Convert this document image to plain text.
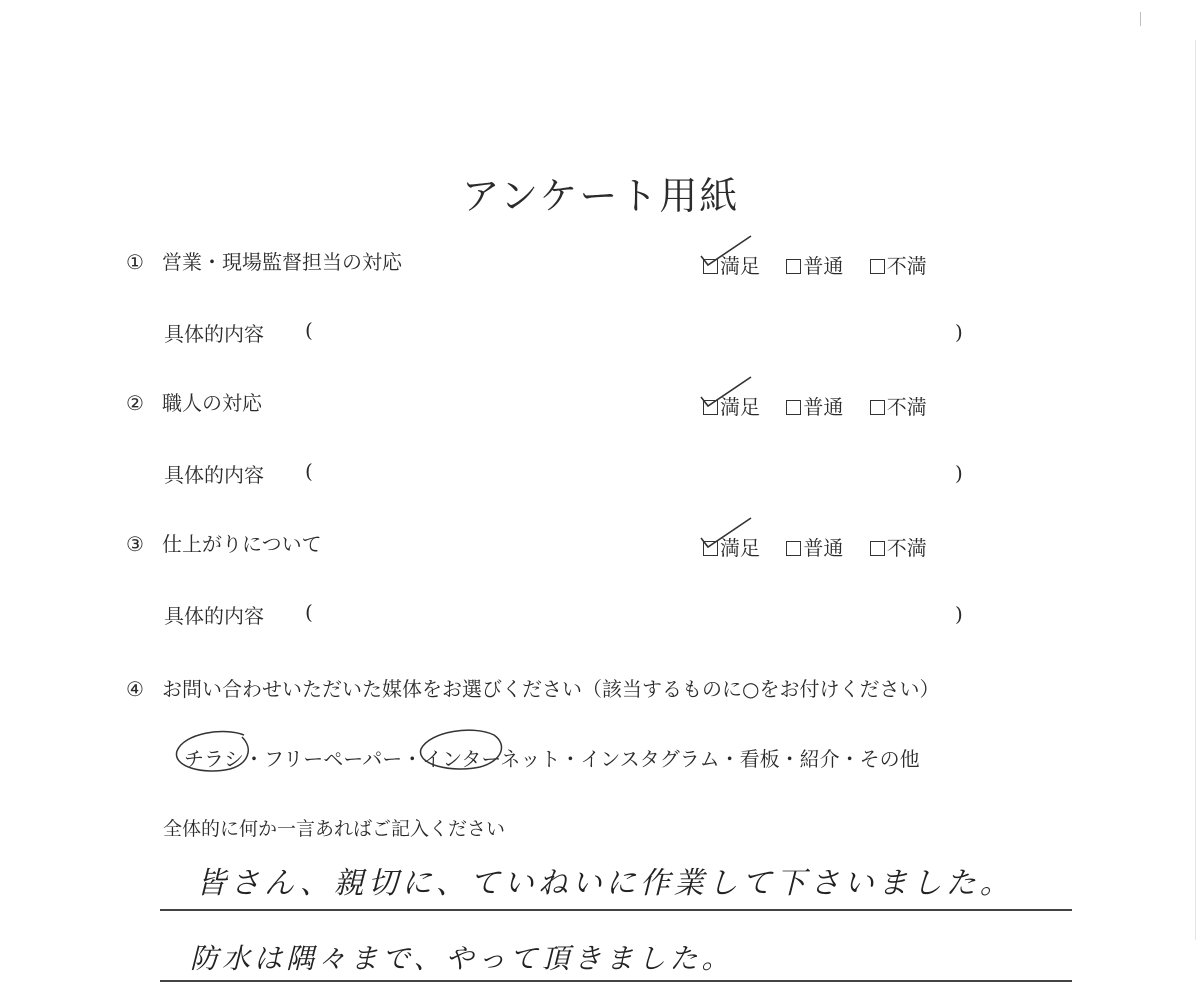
アンケート用紙
① 営業・現場監督担当の対応	満足 普通 不満
具体的内容 (	)
② 職人の対応	満足 普通 不満
具体的内容 (	)
③ 仕上がりについて	満足 普通 不満
具体的内容 (	)
④ お問い合わせいただいた媒体をお選びください（該当するものに○をお付けください）
チラシ
・フリーペーパー・インターネット
・インスタグラム・看板・紹介・その他
全体的に何か一言あればご記入ください
皆さん、親切に、ていねいに作業して下さいました。
防水は隅々まで、やって頂きました。
